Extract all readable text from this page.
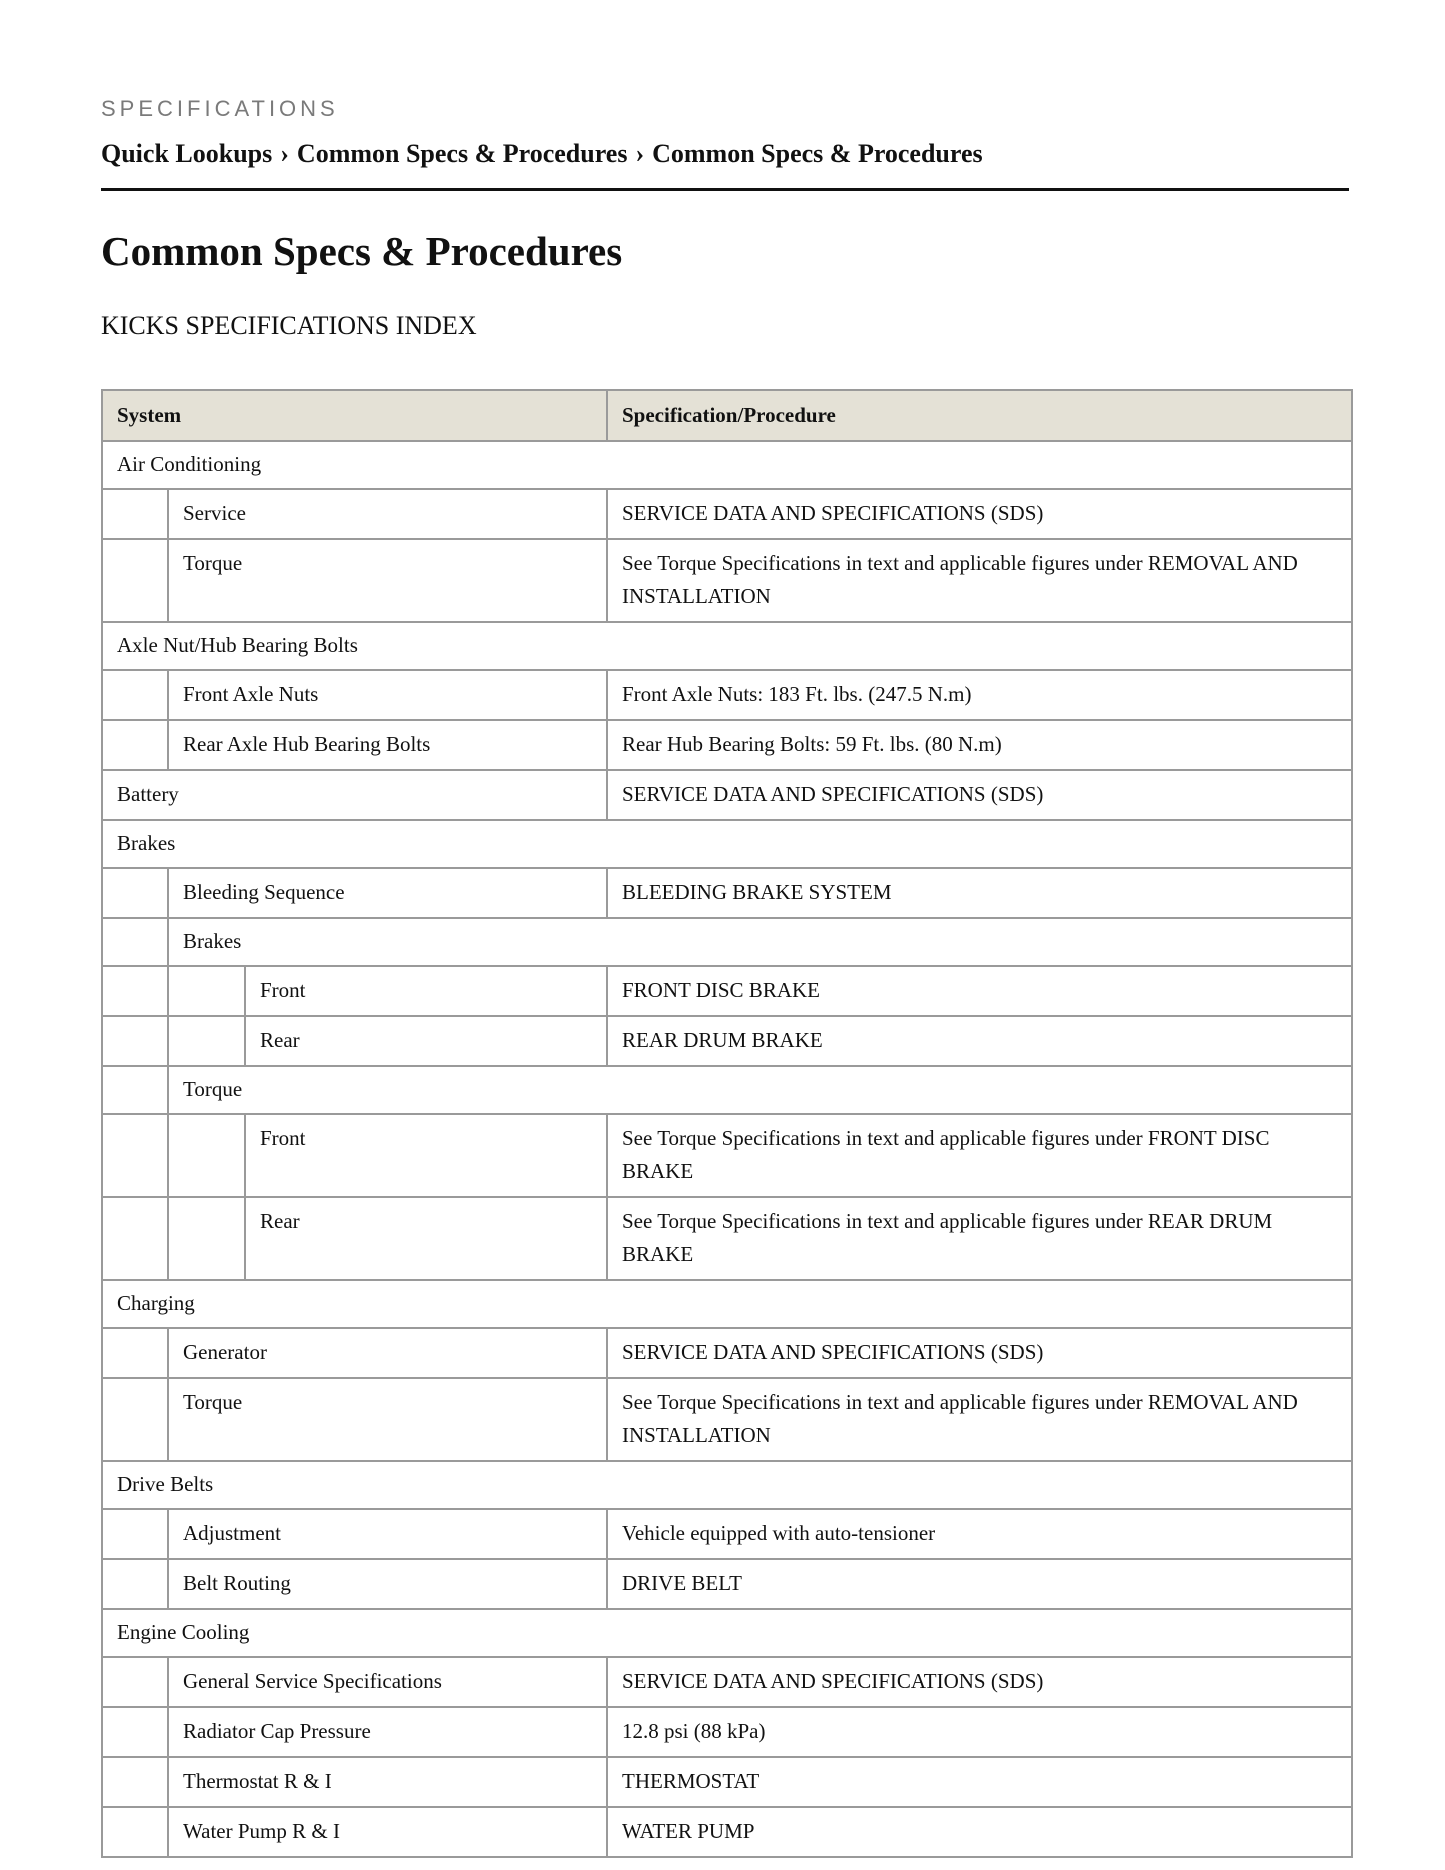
SPECIFICATIONS
Quick Lookups › Common Specs & Procedures › Common Specs & Procedures
Common Specs & Procedures
KICKS SPECIFICATIONS INDEX
System			Specification/Procedure
Air Conditioning			
	Service		SERVICE DATA AND SPECIFICATIONS (SDS)
	Torque		See Torque Specifications in text and applicable figures under REMOVAL AND INSTALLATION
Axle Nut/Hub Bearing Bolts			
	Front Axle Nuts		Front Axle Nuts: 183 Ft. lbs. (247.5 N.m)
	Rear Axle Hub Bearing Bolts		Rear Hub Bearing Bolts: 59 Ft. lbs. (80 N.m)
Battery			SERVICE DATA AND SPECIFICATIONS (SDS)
Brakes			
	Bleeding Sequence		BLEEDING BRAKE SYSTEM
	Brakes		
		Front	FRONT DISC BRAKE
		Rear	REAR DRUM BRAKE
	Torque		
		Front	See Torque Specifications in text and applicable figures under FRONT DISC BRAKE
		Rear	See Torque Specifications in text and applicable figures under REAR DRUM BRAKE
Charging			
	Generator		SERVICE DATA AND SPECIFICATIONS (SDS)
	Torque		See Torque Specifications in text and applicable figures under REMOVAL AND INSTALLATION
Drive Belts			
	Adjustment		Vehicle equipped with auto-tensioner
	Belt Routing		DRIVE BELT
Engine Cooling			
	General Service Specifications		SERVICE DATA AND SPECIFICATIONS (SDS)
	Radiator Cap Pressure		12.8 psi (88 kPa)
	Thermostat R & I		THERMOSTAT
	Water Pump R & I		WATER PUMP
